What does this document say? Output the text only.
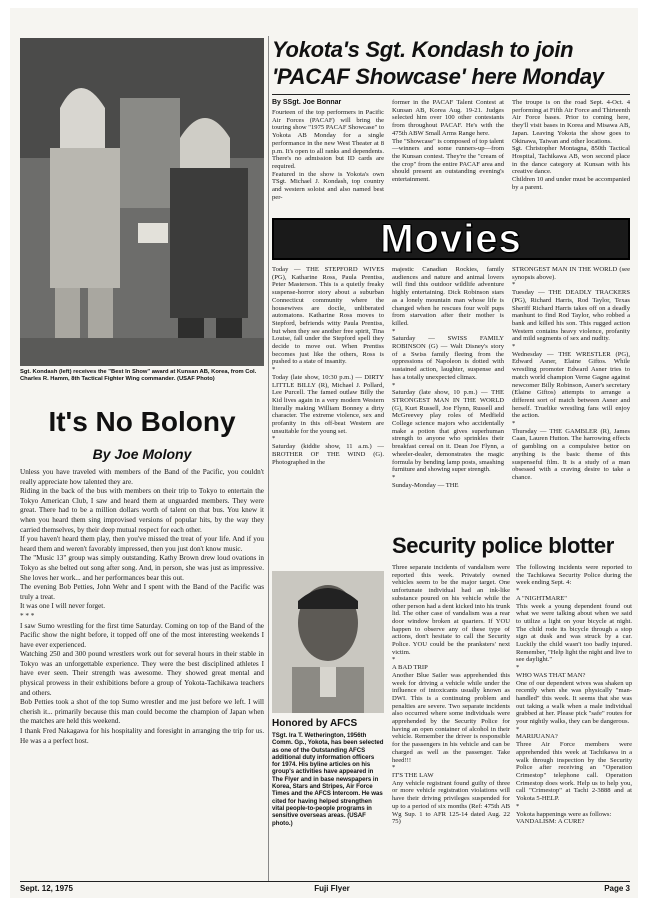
Sgt. Kondash (left) receives the "Best In Show" award at Kunsan AB, Korea, from Col. Charles R. Hamm, 8th Tactical Fighter Wing commander. (USAF Photo)
Yokota's Sgt. Kondash to join
'PACAF Showcase' here Monday
By SSgt. Joe Bonnar
Fourteen of the top performers in Pacific Air Forces (PACAF) will bring the touring show "1975 PACAF Showcase" to Yokota AB Monday for a single performance in the new West Theater at 8 p.m. It's open to all ranks and dependents. There's no admission but ID cards are required.
Featured in the show is Yokota's own TSgt. Michael J. Kondash, top country and western soloist and also named best per-
former in the PACAF Talent Contest at Kunsan AB, Korea Aug. 19-21. Judges selected him over 100 other contestants from throughout PACAF. He's with the 475th ABW Small Arms Range here.
The "Showcase" is composed of top talent—winners and some runners-up—from the Kunsan contest. They're the "cream of the crop" from the entire PACAF area and should present an outstanding evening's entertainment.
The troupe is on the road Sept. 4-Oct. 4 performing at Fifth Air Force and Thirteenth Air Force bases. Prior to coming here, they'll visit bases in Korea and Misawa AB, Japan. Leaving Yokota the show goes to Okinawa, Taiwan and other locations.
Sgt. Christopher Montagna, 850th Tactical Hospital, Tachikawa AB, won second place in the dance category at Kunsan with his creative dance.
Children 10 and under must be accompanied by a parent.
Movies
Today — THE STEPFORD WIVES (PG), Katharine Ross, Paula Prentiss, Peter Masterson. This is a quietly freaky suspense-horror story about a suburban Connecticut community where the housewives are docile, unliberated automatons. Katharine Ross moves to Stepford, befriends witty Paula Prentiss, but when they see another free spirit, Tina Louise, fall under the Stepford spell they decide to move out. When Prentiss becomes just like the others, Ross is pushed to a state of insanity.
*
Today (late show, 10:30 p.m.) — DIRTY LITTLE BILLY (R), Michael J. Pollard, Lee Purcell. The famed outlaw Billy the Kid lives again in a very modern Western literally making William Bonney a dirty character. The extreme violence, sex and profanity in this off-beat Western are unsuitable for the young set.
*
Saturday (kiddie show, 11 a.m.) — BROTHER OF THE WIND (G). Photographed in the
majestic Canadian Rockies, family audiences and nature and animal lovers will find this outdoor wildlife adventure highly entertaining. Dick Robinson stars as a lonely mountain man whose life is changed when he rescues four wolf pups from starvation after their mother is killed.
*
Saturday — SWISS FAMILY ROBINSON (G) — Walt Disney's story of a Swiss family fleeing from the oppressions of Napoleon is dotted with sustained action, laughter, suspense and has a totally unexpected climax.
*
Saturday (late show, 10 p.m.) — THE STRONGEST MAN IN THE WORLD (G), Kurt Russell, Joe Flynn, Russell and McGreevey play roles of Medfield College science majors who accidentally make a potion that gives superhuman strength to anyone who sprinkles their breakfast cereal on it. Dean Joe Flynn, a wheeler-dealer, demonstrates the magic formula by bending lamp posts, smashing furniture and showing super strength.
*
Sunday-Monday — THE
STRONGEST MAN IN THE WORLD (see synopsis above).
*
Tuesday — THE DEADLY TRACKERS (PG), Richard Harris, Rod Taylor, Texas Sheriff Richard Harris takes off on a deadly manhunt to find Rod Taylor, who robbed a bank and killed his son. This rugged action Western contains heavy violence, profanity and mild segments of sex and nudity.
*
Wednesday — THE WRESTLER (PG), Edward Asner, Elaine Giftos. While wrestling promoter Edward Asner tries to match world champion Verne Gagne against newcomer Billy Robinson, Asner's secretary (Elaine Giftos) attempts to arrange a different sort of match between Asner and herself. Truelike wrestling fans will enjoy the action.
*
Thursday — THE GAMBLER (R), James Caan, Lauren Hutton. The harrowing effects of gambling on a compulsive bettor on anything is the basic theme of this suspenseful film. It is a study of a man obsessed with a craving desire to take a chance.
It's No Bolony
By Joe Molony
Unless you have traveled with members of the Band of the Pacific, you couldn't really appreciate how talented they are.
Riding in the back of the bus with members on their trip to Tokyo to entertain the Tokyo American Club, I saw and heard them at unguarded members. They were great. There had to be a million dollars worth of talent on that bus. You knew it when you heard them sing improvised versions of popular hits, by the way they carried themselves, by their deep mutual respect for each other.
If you haven't heard them play, then you've missed the treat of your life. And if you heard them and weren't favorably impressed, then you just don't know music.
The "Music 13" group was simply outstanding. Kathy Brown drew loud ovations in Tokyo as she belted out song after song. And, in person, she was just as impressive. She loves her work... and her performances bear this out.
The evening Bob Petties, John Wehr and I spent with the Band of the Pacific was truly a treat.
It was one I will never forget.
* * *
I saw Sumo wrestling for the first time Saturday. Coming on top of the Band of the Pacific show the night before, it topped off one of the most interesting weekends I have ever experienced.
Watching 250 and 300 pound wrestlers work out for several hours in their stable in Tokyo was an unforgettable experience. They were the best disciplined athletes I have ever seen. Their strength was awesome. They showed great mental and physical prowess in their exhibitions before a group of Yokota-Tachikawa teachers and others.
Bob Petties took a shot of the top Sumo wrestler and me just before we left. I will cherish it... primarily because this man could become the champion of Japan when the matches are held this weekend.
I thank Fred Nakagawa for his hospitality and foresight in arranging the trip for us. He was a a perfect host.
Security police blotter
Three separate incidents of vandalism were reported this week. Privately owned vehicles seem to be the major target. One unfortunate individual had an ink-like substance poured on his vehicle while the other person had a dent kicked into his trunk lid. The other case of vandalism was a rear door window broken at quarters. If YOU happen to observe any of these type of actions, don't hesitate to call the Security Police. YOU could be the pranksters' next victim.
*
A BAD TRIP
Another Blue Sailer was apprehended this week for driving a vehicle while under the influence of intoxicants usually known as DWI. This is a continuing problem and penalties are severe. Two separate incidents also occurred where some individuals were apprehended by the Security Police for having an open container of alcohol in their vehicle. Remember the driver is responsible for the passengers in his vehicle and can be charged as well as the passenger. Take heed!!!
*
IT'S THE LAW
Any vehicle registrant found guilty of three or more vehicle registration violations will have their driving privileges suspended for up to a period of six months (Ref: 475th AB Wg Sup. 1 to AFR 125-14 dated Aug. 22 75)
The following incidents were reported to the Tachikawa Security Police during the week ending Sept. 4:
*
A "NIGHTMARE"
This week a young dependent found out what we were talking about when we said to utilize a light on your bicycle at night. The child rode its bicycle through a stop sign at dusk and was struck by a car. Luckily the child wasn't too badly injured. Remember, "Help light the night and live to see daylight."
*
WHO WAS THAT MAN?
One of our dependent wives was shaken up recently when she was physically "man-handled" this week. It seems that she was out taking a walk when a male individual grabbed at her. Please pick "safe" routes for your nightly walks, they can be dangerous.
*
MARIJUANA?
Three Air Force members were apprehended this week at Tachikawa in a walk through inspection by the Security Police after receiving an "Operation Crimestop" telephone call. Operation Crimestop does work. Help us to help you, call "Crimestop" at Tachi 2-3888 and at Yokota 5-HELP.
*
Yokota happenings were as follows:
VANDALISM: A CURE?
Honored by AFCS
TSgt. Ira T. Wetherington, 1956th Comm. Gp., Yokota, has been selected as one of the Outstanding AFCS additional duty information officers for 1974. His byline articles on his group's activities have appeared in The Flyer and in base newspapers in Korea, Stars and Stripes, Air Force Times and the AFCS Intercom. He was cited for having helped strengthen vital people-to-people programs in sensitive overseas areas. (USAF photo.)
Sept. 12, 1975	Fuji Flyer	Page 3
